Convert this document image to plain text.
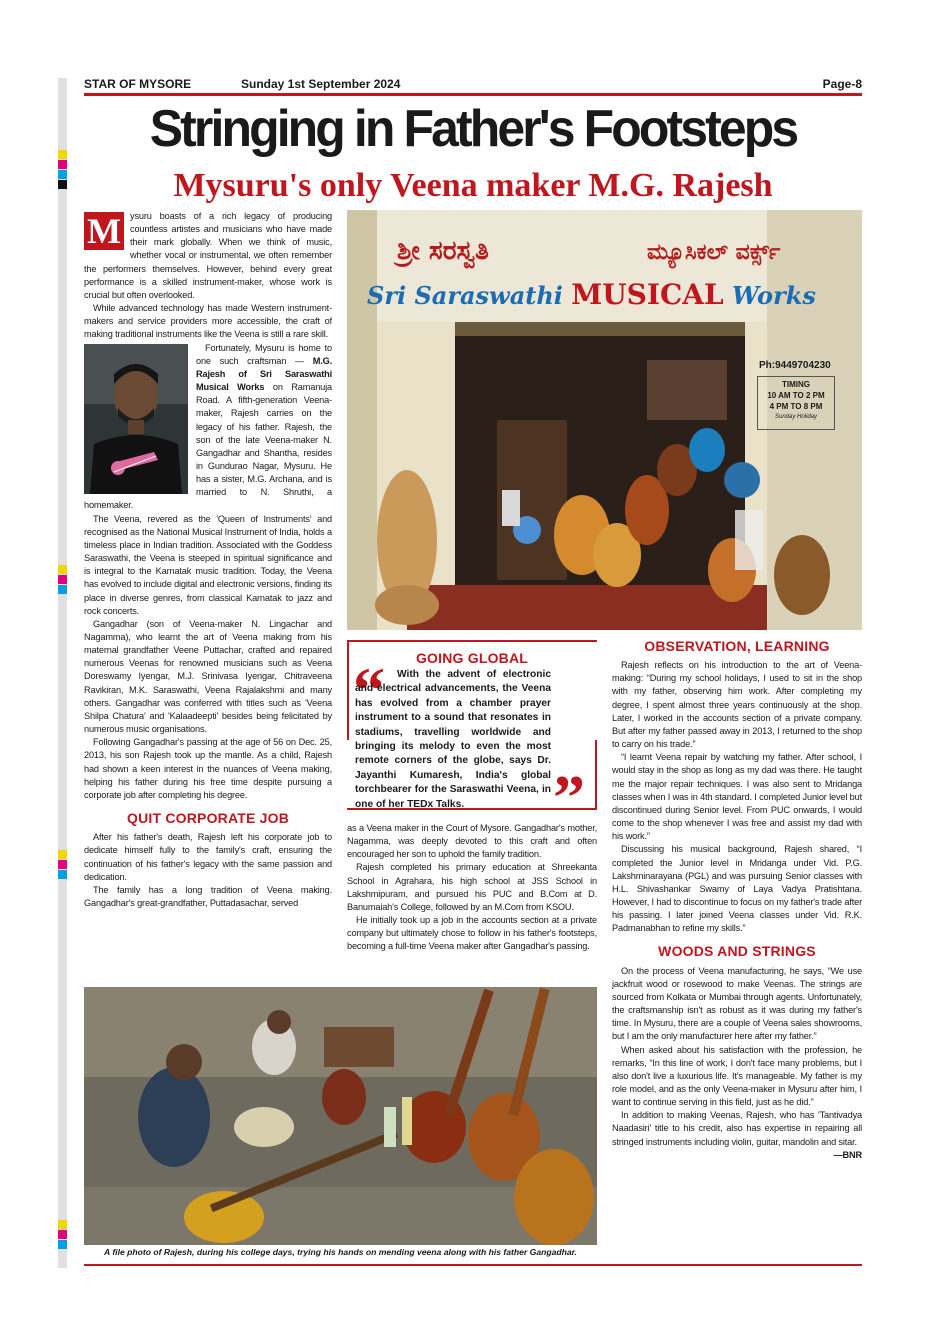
STAR OF MYSORE	Sunday 1st September 2024	Page-8
Stringing in Father's Footsteps
Mysuru's only Veena maker M.G. Rajesh
M ysuru boasts of a rich legacy of producing countless artistes and musicians who have made their mark globally. When we think of music, whether vocal or instrumental, we often remember the performers themselves. However, behind every great performance is a skilled instrument-maker, whose work is crucial but often overlooked.

While advanced technology has made Western instrument-makers and service providers more accessible, the craft of making traditional instruments like the Veena is still a rare skill.

Fortunately, Mysuru is home to one such craftsman — M.G. Rajesh of Sri Saraswathi Musical Works on Ramanuja Road. A fifth-generation Veena-maker, Rajesh carries on the legacy of his father. Rajesh, the son of the late Veena-maker N. Gangadhar and Shantha, resides in Gundurao Nagar, Mysuru. He has a sister, M.G. Archana, and is married to N. Shruthi, a homemaker.

The Veena, revered as the 'Queen of Instruments' and recognised as the National Musical Instrument of India, holds a timeless place in Indian tradition. Associated with the Goddess Saraswathi, the Veena is steeped in spiritual significance and is integral to the Karnatak music tradition. Today, the Veena has evolved to include digital and electronic versions, finding its place in diverse genres, from classical Karnatak to jazz and rock concerts.

Gangadhar (son of Veena-maker N. Lingachar and Nagamma), who learnt the art of Veena making from his maternal grandfather Veene Puttachar, crafted and repaired numerous Veenas for renowned musicians such as Veena Doreswamy Iyengar, M.J. Srinivasa Iyengar, Chitraveena Ravikiran, M.K. Saraswathi, Veena Rajalakshmi and many others. Gangadhar was conferred with titles such as 'Veena Shilpa Chatura' and 'Kalaadeepti' besides being felicitated by numerous music organisations.

Following Gangadhar's passing at the age of 56 on Dec. 25, 2013, his son Rajesh took up the mantle. As a child, Rajesh had shown a keen interest in the nuances of Veena making, helping his father during his free time despite pursuing a corporate job after completing his degree.

QUIT CORPORATE JOB

After his father's death, Rajesh left his corporate job to dedicate himself fully to the family's craft, ensuring the continuation of his father's legacy with the same passion and dedication.

The family has a long tradition of Veena making. Gangadhar's great-grandfather, Puttadasachar, served

ಶ್ರೀ ಸರಸ್ವತಿ	ಮ್ಯೂಸಿಕಲ್ ವರ್ಕ್ಸ್
Sri Saraswathi MUSICAL Works
Ph:9449704230
TIMING
10 AM TO 2 PM
4 PM TO 8 PM
Sunday Holiday
GOING GLOBAL
“	With the advent of electronic and electrical advancements, the Veena has evolved from a chamber prayer instrument to a sound that resonates in stadiums, travelling worldwide and bringing its melody to even the most remote corners of the globe, says Dr. Jayanthi Kumaresh, India's global torchbearer for the Saraswathi Veena, in one of her TEDx Talks.	”

as a Veena maker in the Court of Mysore. Gangadhar's mother, Nagamma, was deeply devoted to this craft and often encouraged her son to uphold the family tradition.

Rajesh completed his primary education at Shreekanta School in Agrahara, his high school at JSS School in Lakshmipuram, and pursued his PUC and B.Com at D. Banumaiah's College, followed by an M.Com from KSOU.

He initially took up a job in the accounts section at a private company but ultimately chose to follow in his father's footsteps, becoming a full-time Veena maker after Gangadhar's passing.

OBSERVATION, LEARNING

Rajesh reflects on his introduction to the art of Veena-making: “During my school holidays, I used to sit in the shop with my father, observing him work. After completing my degree, I spent almost three years continuously at the shop. Later, I worked in the accounts section of a private company. But after my father passed away in 2013, I returned to the shop to carry on his trade.”

“I learnt Veena repair by watching my father. After school, I would stay in the shop as long as my dad was there. He taught me the major repair techniques. I was also sent to Mridanga classes when I was in 4th standard. I completed Junior level but discontinued during Senior level. From PUC onwards, I would come to the shop whenever I was free and assist my dad with his work.”

Discussing his musical background, Rajesh shared, “I completed the Junior level in Mridanga under Vid. P.G. Lakshminarayana (PGL) and was pursuing Senior classes with H.L. Shivashankar Swamy of Laya Vadya Pratishtana. However, I had to discontinue to focus on my father's trade after his passing. I later joined Veena classes under Vid. R.K. Padmanabhan to refine my skills.”

WOODS AND STRINGS

On the process of Veena manufacturing, he says, “We use jackfruit wood or rosewood to make Veenas. The strings are sourced from Kolkata or Mumbai through agents. Unfortunately, the craftsmanship isn't as robust as it was during my father's time. In Mysuru, there are a couple of Veena sales showrooms, but I am the only manufacturer here after my father.”

When asked about his satisfaction with the profession, he remarks, “In this line of work, I don't face many problems, but I also don't live a luxurious life. It's manageable. My father is my role model, and as the only Veena-maker in Mysuru after him, I want to continue serving in this field, just as he did.”

In addition to making Veenas, Rajesh, who has 'Tantivadya Naadasiri' title to his credit, also has expertise in repairing all stringed instruments including violin, guitar, mandolin and sitar.

—BNR
A file photo of Rajesh, during his college days, trying his hands on mending veena along with his father Gangadhar.
